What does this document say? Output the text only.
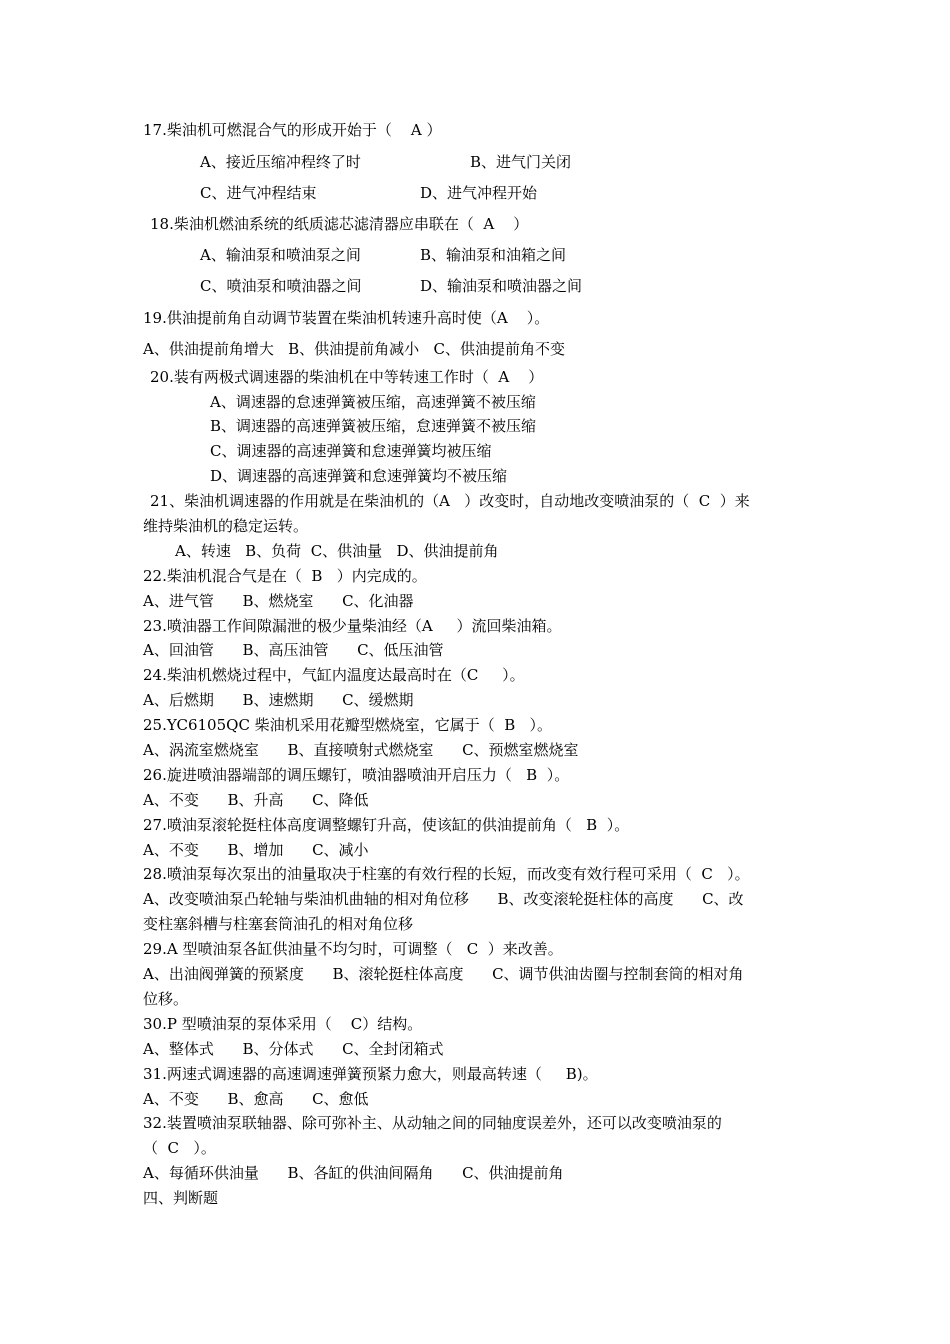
17.柴油机可燃混合气的形成开始于（    A ）
A、接近压缩冲程终了时	B、进气门关闭
C、进气冲程结束	D、进气冲程开始
18.柴油机燃油系统的纸质滤芯滤清器应串联在（  A    ）
A、输油泵和喷油泵之间	B、输油泵和油箱之间
C、喷油泵和喷油器之间	D、输油泵和喷油器之间
19.供油提前角自动调节装置在柴油机转速升高时使（A    ）。
A、供油提前角增大   B、供油提前角减小   C、供油提前角不变
20.装有两极式调速器的柴油机在中等转速工作时（  A    ）
A、调速器的怠速弹簧被压缩，高速弹簧不被压缩
B、调速器的高速弹簧被压缩，怠速弹簧不被压缩
C、调速器的高速弹簧和怠速弹簧均被压缩
D、调速器的高速弹簧和怠速弹簧均不被压缩
21、柴油机调速器的作用就是在柴油机的（A   ）改变时，自动地改变喷油泵的（  C  ）来
维持柴油机的稳定运转。
A、转速   B、负荷  C、供油量   D、供油提前角
22.柴油机混合气是在（  B   ）内完成的。
A、进气管      B、燃烧室      C、化油器
23.喷油器工作间隙漏泄的极少量柴油经（A     ）流回柴油箱。
A、回油管      B、高压油管      C、低压油管
24.柴油机燃烧过程中，气缸内温度达最高时在（C     ）。
A、后燃期      B、速燃期      C、缓燃期
25.YC6105QC 柴油机采用花瓣型燃烧室，它属于（  B   ）。
A、涡流室燃烧室      B、直接喷射式燃烧室      C、预燃室燃烧室
26.旋进喷油器端部的调压螺钉，喷油器喷油开启压力（   B  ）。
A、不变      B、升高      C、降低
27.喷油泵滚轮挺柱体高度调整螺钉升高，使该缸的供油提前角（   B  ）。
A、不变      B、增加      C、减小
28.喷油泵每次泵出的油量取决于柱塞的有效行程的长短，而改变有效行程可采用（  C   ）。
A、改变喷油泵凸轮轴与柴油机曲轴的相对角位移      B、改变滚轮挺柱体的高度      C、改
变柱塞斜槽与柱塞套筒油孔的相对角位移
29.A 型喷油泵各缸供油量不均匀时，可调整（   C  ）来改善。
A、出油阀弹簧的预紧度      B、滚轮挺柱体高度      C、调节供油齿圈与控制套筒的相对角
位移。
30.P 型喷油泵的泵体采用（    C）结构。
A、整体式      B、分体式      C、全封闭箱式
31.两速式调速器的高速调速弹簧预紧力愈大，则最高转速（     B)。
A、不变      B、愈高      C、愈低
32.装置喷油泵联轴器、除可弥补主、从动轴之间的同轴度误差外，还可以改变喷油泵的
（  C   ）。
A、每循环供油量      B、各缸的供油间隔角      C、供油提前角
四、判断题
